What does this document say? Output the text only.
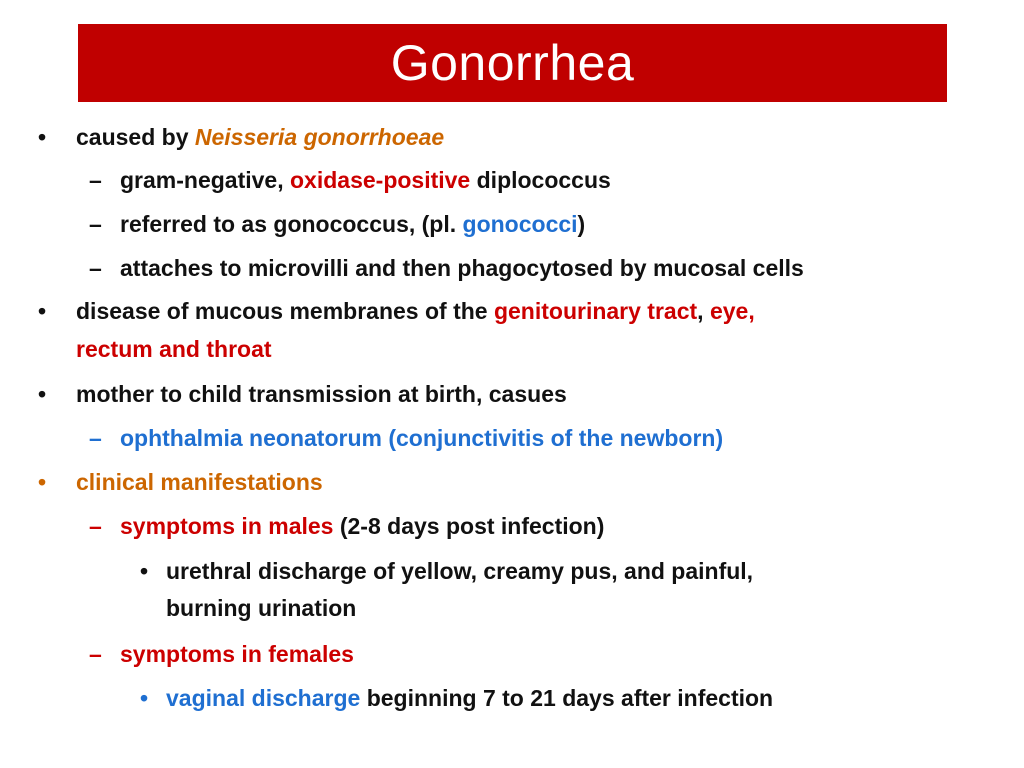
Gonorrhea
• caused by Neisseria gonorrhoeae
– gram-negative, oxidase-positive diplococcus
– referred to as gonococcus, (pl. gonococci)
– attaches to microvilli and then phagocytosed by mucosal cells
• disease of mucous membranes of the genitourinary tract, eye,
rectum and throat
• mother to child transmission at birth, casues
– ophthalmia neonatorum (conjunctivitis of the newborn)
• clinical manifestations
– symptoms in males (2-8 days post infection)
• urethral discharge of yellow, creamy pus, and painful,
burning urination
– symptoms in females
• vaginal discharge beginning 7 to 21 days after infection
